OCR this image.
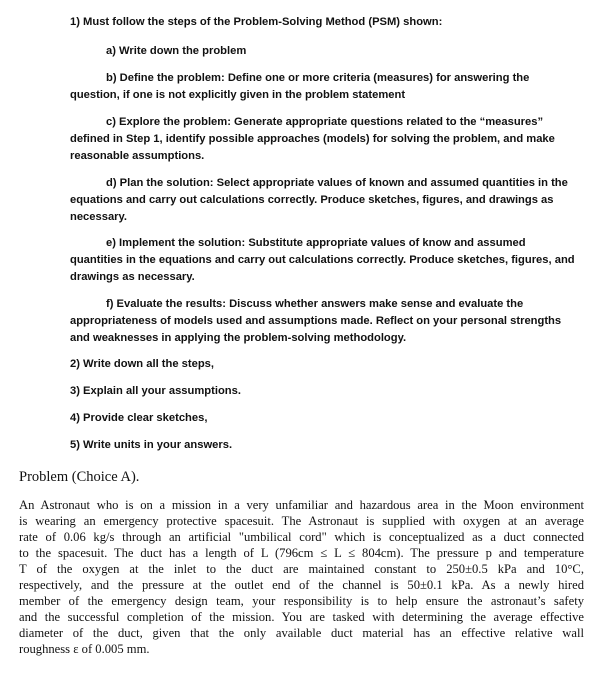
1) Must follow the steps of the Problem-Solving Method (PSM) shown:

a) Write down the problem

b) Define the problem: Define one or more criteria (measures) for answering the

question, if one is not explicitly given in the problem statement

c) Explore the problem: Generate appropriate questions related to the “measures”

defined in Step 1, identify possible approaches (models) for solving the problem, and make

reasonable assumptions.

d) Plan the solution: Select appropriate values of known and assumed quantities in the

equations and carry out calculations correctly. Produce sketches, figures, and drawings as

necessary.

e) Implement the solution: Substitute appropriate values of know and assumed

quantities in the equations and carry out calculations correctly. Produce sketches, figures, and

drawings as necessary.

f) Evaluate the results: Discuss whether answers make sense and evaluate the

appropriateness of models used and assumptions made. Reflect on your personal strengths

and weaknesses in applying the problem-solving methodology.

2) Write down all the steps,

3) Explain all your assumptions.

4) Provide clear sketches,

5) Write units in your answers.

Problem (Choice A).

An Astronaut who is on a mission in a very unfamiliar and hazardous area in the Moon environment

is wearing an emergency protective spacesuit. The Astronaut is supplied with oxygen at an average

rate of 0.06 kg/s through an artificial "umbilical cord" which is conceptualized as a duct connected

to the spacesuit. The duct has a length of L (796cm ≤ L ≤ 804cm). The pressure p and temperature

T of the oxygen at the inlet to the duct are maintained constant to 250±0.5 kPa and 10°C,

respectively, and the pressure at the outlet end of the channel is 50±0.1 kPa. As a newly hired

member of the emergency design team, your responsibility is to help ensure the astronaut’s safety

and the successful completion of the mission. You are tasked with determining the average effective

diameter of the duct, given that the only available duct material has an effective relative wall

roughness ε of 0.005 mm.
